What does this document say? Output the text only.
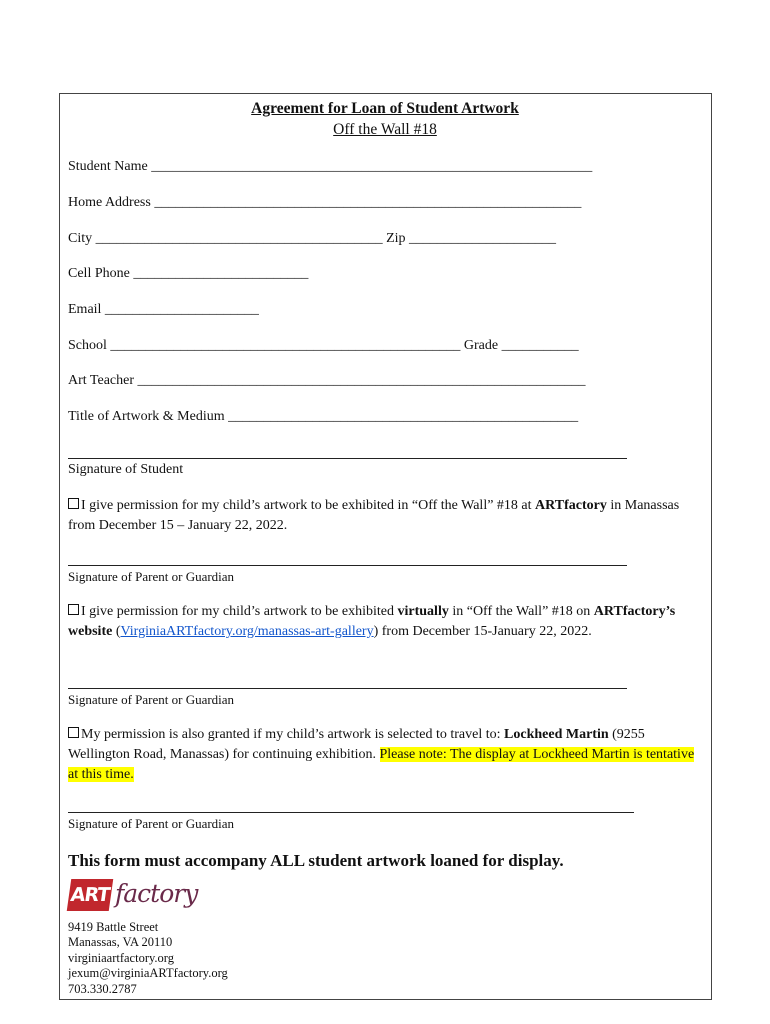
Agreement for Loan of Student Artwork
Off the Wall #18
Student Name _______________________________________________________________
Home Address _____________________________________________________________
City _________________________________________ Zip _____________________
Cell Phone _________________________
Email ______________________
School __________________________________________________ Grade ___________
Art Teacher ________________________________________________________________
Title of Artwork & Medium __________________________________________________
Signature of Student
I give permission for my child’s artwork to be exhibited in “Off the Wall” #18 at ARTfactory in Manassas from December 15 – January 22, 2022.
Signature of Parent or Guardian
I give permission for my child’s artwork to be exhibited virtually in “Off the Wall” #18 on ARTfactory’s website (VirginiaARTfactory.org/manassas-art-gallery) from December 15-January 22, 2022.
Signature of Parent or Guardian
My permission is also granted if my child’s artwork is selected to travel to: Lockheed Martin (9255 Wellington Road, Manassas) for continuing exhibition. Please note: The display at Lockheed Martin is tentative at this time.
Signature of Parent or Guardian
This form must accompany ALL student artwork loaned for display.
ART factory
9419 Battle Street
Manassas, VA 20110
virginiaartfactory.org
jexum@virginiaARTfactory.org
703.330.2787
